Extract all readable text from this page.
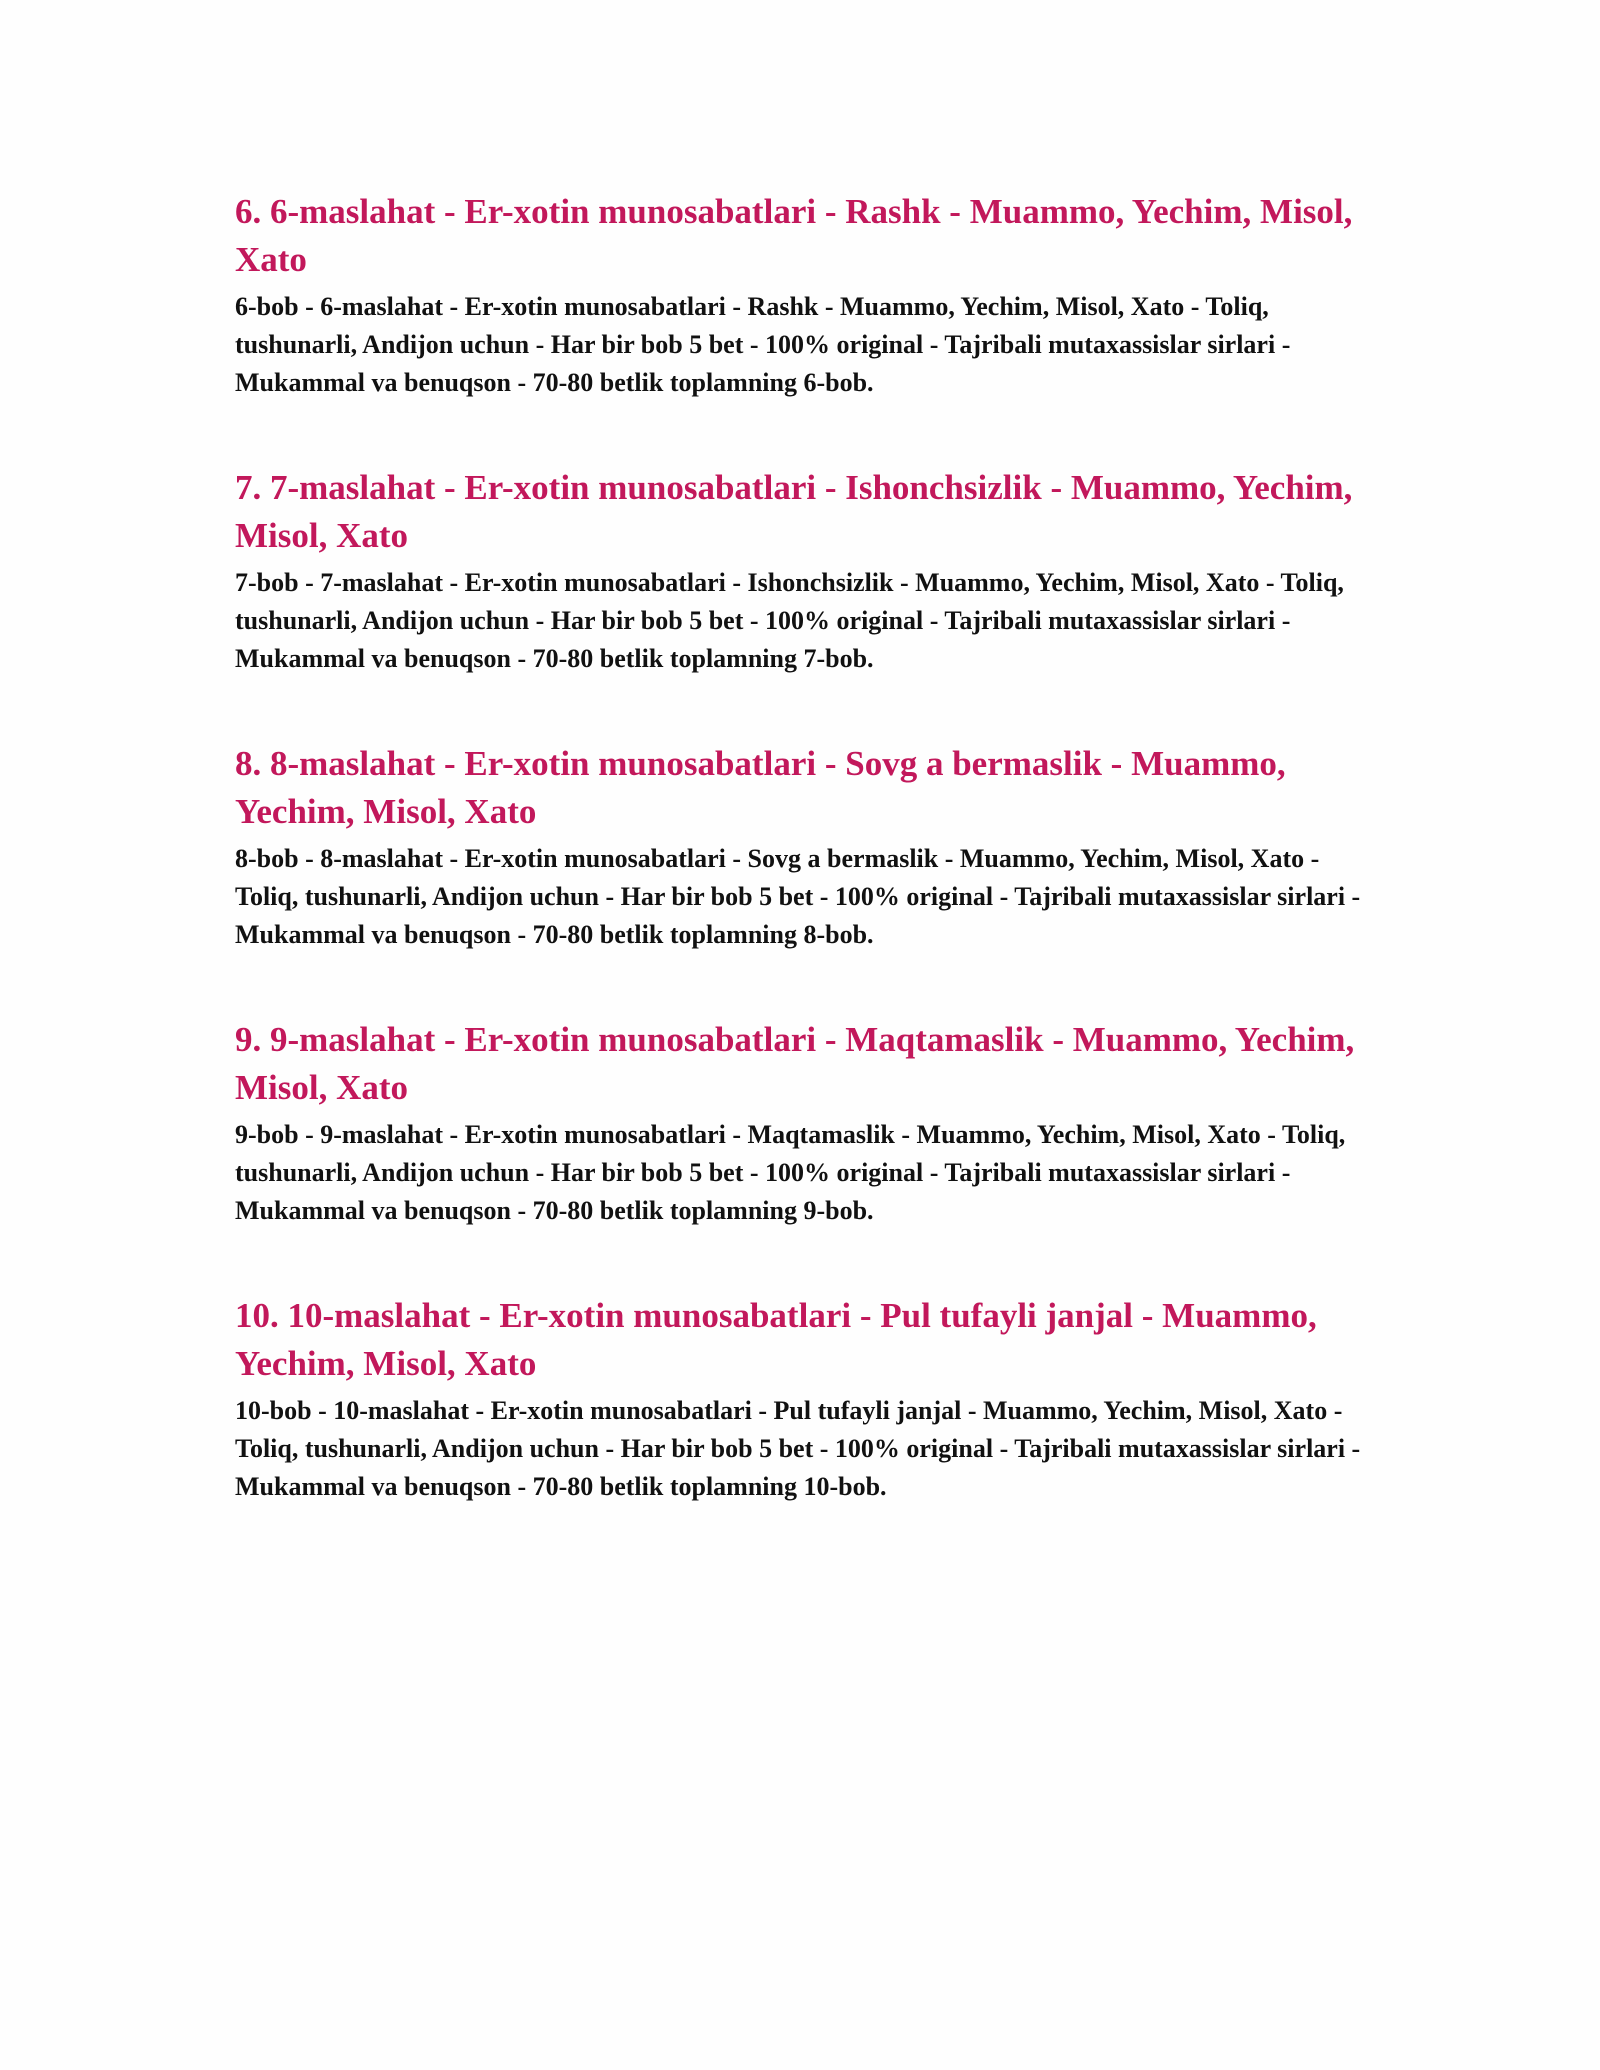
6. 6-maslahat - Er-xotin munosabatlari - Rashk - Muammo, Yechim, Misol, Xato

6-bob - 6-maslahat - Er-xotin munosabatlari - Rashk - Muammo, Yechim, Misol, Xato - Toliq, tushunarli, Andijon uchun - Har bir bob 5 bet - 100% original - Tajribali mutaxassislar sirlari - Mukammal va benuqson - 70-80 betlik toplamning 6-bob.

7. 7-maslahat - Er-xotin munosabatlari - Ishonchsizlik - Muammo, Yechim, Misol, Xato

7-bob - 7-maslahat - Er-xotin munosabatlari - Ishonchsizlik - Muammo, Yechim, Misol, Xato - Toliq, tushunarli, Andijon uchun - Har bir bob 5 bet - 100% original - Tajribali mutaxassislar sirlari - Mukammal va benuqson - 70-80 betlik toplamning 7-bob.

8. 8-maslahat - Er-xotin munosabatlari - Sovg a bermaslik - Muammo, Yechim, Misol, Xato

8-bob - 8-maslahat - Er-xotin munosabatlari - Sovg a bermaslik - Muammo, Yechim, Misol, Xato - Toliq, tushunarli, Andijon uchun - Har bir bob 5 bet - 100% original - Tajribali mutaxassislar sirlari - Mukammal va benuqson - 70-80 betlik toplamning 8-bob.

9. 9-maslahat - Er-xotin munosabatlari - Maqtamaslik - Muammo, Yechim, Misol, Xato

9-bob - 9-maslahat - Er-xotin munosabatlari - Maqtamaslik - Muammo, Yechim, Misol, Xato - Toliq, tushunarli, Andijon uchun - Har bir bob 5 bet - 100% original - Tajribali mutaxassislar sirlari - Mukammal va benuqson - 70-80 betlik toplamning 9-bob.

10. 10-maslahat - Er-xotin munosabatlari - Pul tufayli janjal - Muammo, Yechim, Misol, Xato

10-bob - 10-maslahat - Er-xotin munosabatlari - Pul tufayli janjal - Muammo, Yechim, Misol, Xato - Toliq, tushunarli, Andijon uchun - Har bir bob 5 bet - 100% original - Tajribali mutaxassislar sirlari - Mukammal va benuqson - 70-80 betlik toplamning 10-bob.
